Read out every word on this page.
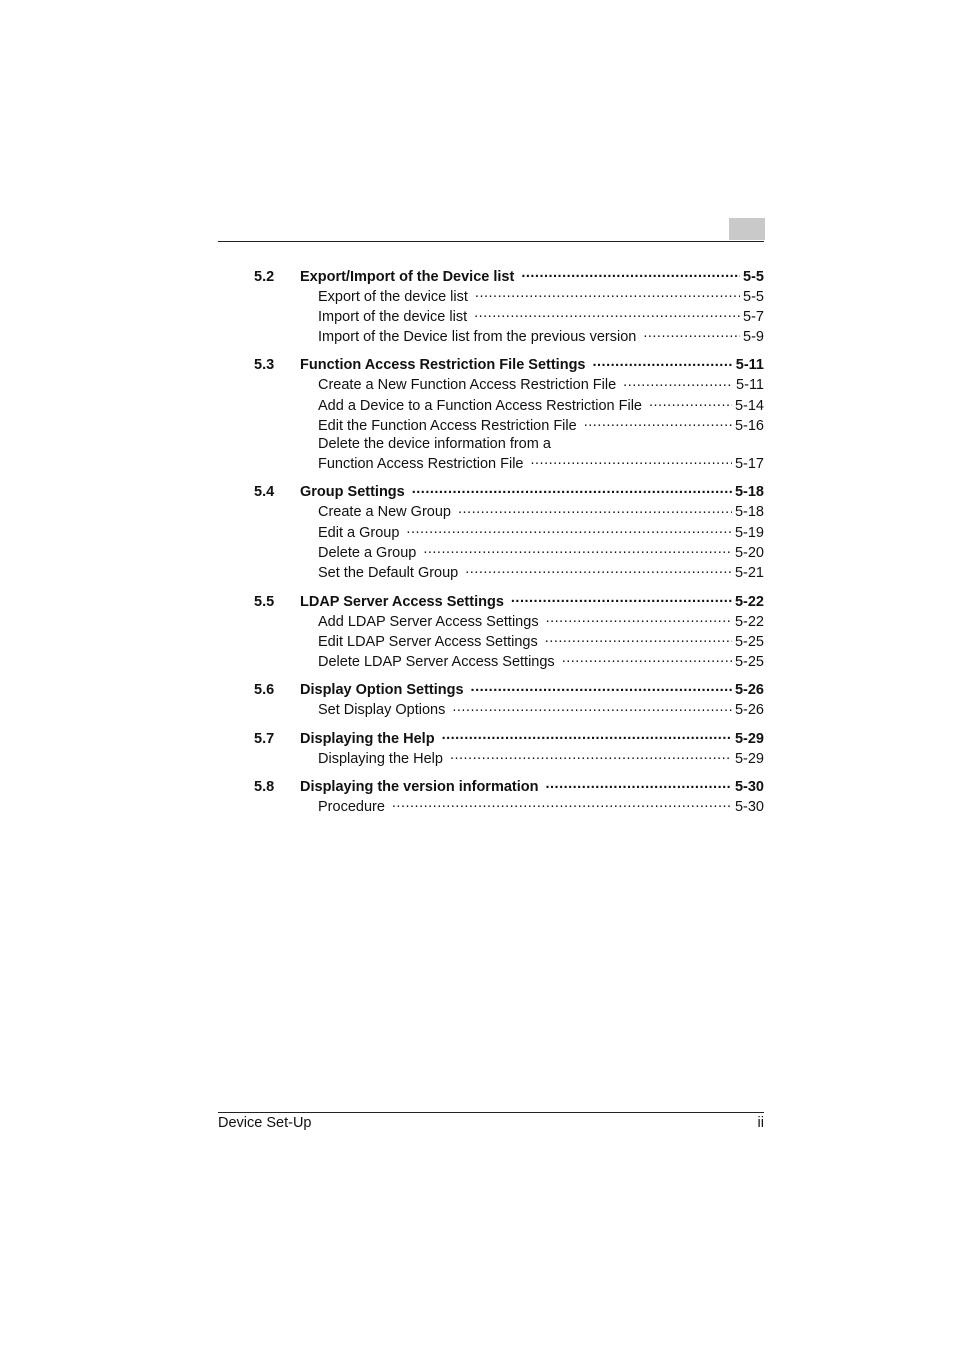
5.2	Export/Import of the Device list .....	5-5
Export of the device list .....	5-5
Import of the device list .....	5-7
Import of the Device list from the previous version .....	5-9
5.3	Function Access Restriction File Settings .....	5-11
Create a New Function Access Restriction File .....	5-11
Add a Device to a Function Access Restriction File .....	5-14
Edit the Function Access Restriction File .....	5-16
Delete the device information from a
Function Access Restriction File .....	5-17
5.4	Group Settings .....	5-18
Create a New Group .....	5-18
Edit a Group .....	5-19
Delete a Group .....	5-20
Set the Default Group .....	5-21
5.5	LDAP Server Access Settings .....	5-22
Add LDAP Server Access Settings .....	5-22
Edit LDAP Server Access Settings .....	5-25
Delete LDAP Server Access Settings .....	5-25
5.6	Display Option Settings .....	5-26
Set Display Options .....	5-26
5.7	Displaying the Help .....	5-29
Displaying the Help .....	5-29
5.8	Displaying the version information .....	5-30
Procedure .....	5-30
Device Set-Up	ii
